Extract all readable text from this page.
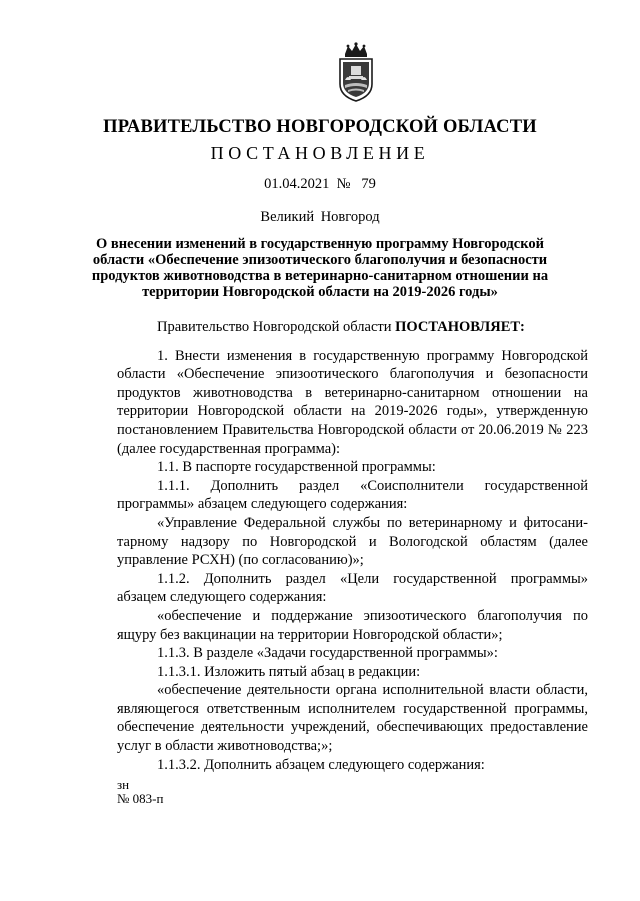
ПРАВИТЕЛЬСТВО НОВГОРОДСКОЙ ОБЛАСТИ
ПОСТАНОВЛЕНИЕ
01.04.2021 № 79
Великий Новгород
О внесении изменений в государственную программу Новгородской
области «Обеспечение эпизоотического благополучия и безопасности
продуктов животноводства в ветеринарно-санитарном отношении на
территории Новгородской области на 2019-2026 годы»

Правительство Новгородской области ПОСТАНОВЛЯЕТ:

1. Внести изменения в государственную программу Новгородской области «Обеспечение эпизоотического благополучия и безопасности продуктов животноводства в ветеринарно-санитарном отношении на территории Новгородской области на 2019-2026 годы», утвержденную постановлением Правительства Новгородской области от 20.06.2019 № 223 (далее государственная программа):

1.1. В паспорте государственной программы:

1.1.1. Дополнить раздел «Соисполнители государственной программы» абзацем следующего содержания:

«Управление Федеральной службы по ветеринарному и фитосани-тарному надзору по Новгородской и Вологодской областям (далее управление РСХН) (по согласованию)»;

1.1.2. Дополнить раздел «Цели государственной программы» абзацем следующего содержания:

«обеспечение и поддержание эпизоотического благополучия по ящуру без вакцинации на территории Новгородской области»;

1.1.3. В разделе «Задачи государственной программы»:

1.1.3.1. Изложить пятый абзац в редакции:

«обеспечение деятельности органа исполнительной власти области, являющегося ответственным исполнителем государственной программы, обеспечение деятельности учреждений, обеспечивающих предоставление услуг в области животноводства;»;

1.1.3.2. Дополнить абзацем следующего содержания:

зн
№ 083-п
